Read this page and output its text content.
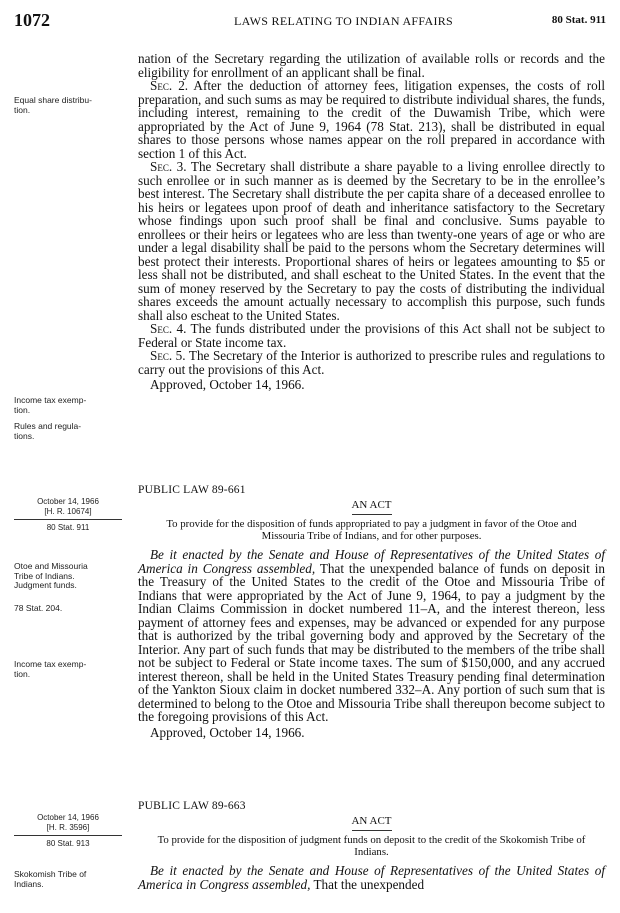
1072	LAWS RELATING TO INDIAN AFFAIRS	80 Stat. 911
Equal share distribu-
tion.
Income tax exemp-
tion.
Rules and regula-
tions.
October 14, 1966
[H. R. 10674]
80 Stat. 911
Otoe and Missouria
Tribe of Indians.
Judgment funds.
78 Stat. 204.
Income tax exemp-
tion.
October 14, 1966
[H. R. 3596]
80 Stat. 913
Skokomish Tribe of
Indians.

nation of the Secretary regarding the utilization of available rolls or records and the eligibility for enrollment of an applicant shall be final.

Sec. 2. After the deduction of attorney fees, litigation expenses, the costs of roll preparation, and such sums as may be required to distribute individual shares, the funds, including interest, remaining to the credit of the Duwamish Tribe, which were appropriated by the Act of June 9, 1964 (78 Stat. 213), shall be distributed in equal shares to those persons whose names appear on the roll prepared in accordance with section 1 of this Act.

Sec. 3. The Secretary shall distribute a share payable to a living enrollee directly to such enrollee or in such manner as is deemed by the Secretary to be in the enrollee’s best interest. The Secretary shall distribute the per capita share of a deceased enrollee to his heirs or legatees upon proof of death and inheritance satisfactory to the Secretary whose findings upon such proof shall be final and conclusive. Sums payable to enrollees or their heirs or legatees who are less than twenty-one years of age or who are under a legal disability shall be paid to the persons whom the Secretary determines will best protect their interests. Proportional shares of heirs or legatees amounting to $5 or less shall not be distributed, and shall escheat to the United States. In the event that the sum of money reserved by the Secretary to pay the costs of distributing the individual shares exceeds the amount actually necessary to accomplish this purpose, such funds shall also escheat to the United States.

Sec. 4. The funds distributed under the provisions of this Act shall not be subject to Federal or State income tax.

Sec. 5. The Secretary of the Interior is authorized to prescribe rules and regulations to carry out the provisions of this Act.

Approved, October 14, 1966.

PUBLIC LAW 89-661

AN ACT

To provide for the disposition of funds appropriated to pay a judgment in favor of the Otoe and Missouria Tribe of Indians, and for other purposes.

Be it enacted by the Senate and House of Representatives of the United States of America in Congress assembled, That the unexpended balance of funds on deposit in the Treasury of the United States to the credit of the Otoe and Missouria Tribe of Indians that were appropriated by the Act of June 9, 1964, to pay a judgment by the Indian Claims Commission in docket numbered 11–A, and the interest thereon, less payment of attorney fees and expenses, may be advanced or expended for any purpose that is authorized by the tribal governing body and approved by the Secretary of the Interior. Any part of such funds that may be distributed to the members of the tribe shall not be subject to Federal or State income taxes. The sum of $150,000, and any accrued interest thereon, shall be held in the United States Treasury pending final determination of the Yankton Sioux claim in docket numbered 332–A. Any portion of such sum that is determined to belong to the Otoe and Missouria Tribe shall thereupon become subject to the foregoing provisions of this Act.

Approved, October 14, 1966.

PUBLIC LAW 89-663

AN ACT

To provide for the disposition of judgment funds on deposit to the credit of the Skokomish Tribe of Indians.

Be it enacted by the Senate and House of Representatives of the United States of America in Congress assembled, That the unexpended
